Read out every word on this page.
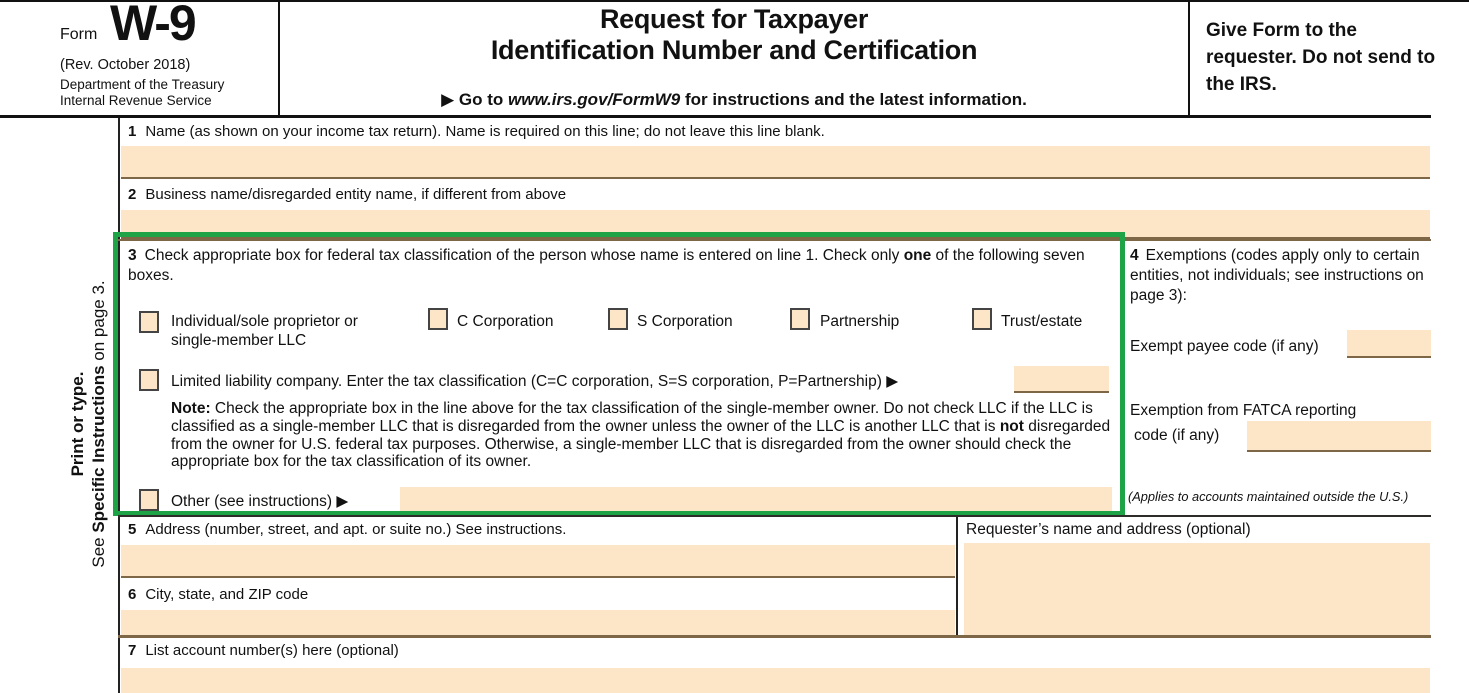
Form W-9
(Rev. October 2018)
Department of the Treasury
Internal Revenue Service
Request for Taxpayer
Identification Number and Certification
▶ Go to www.irs.gov/FormW9 for instructions and the latest information.
Give Form to the requester. Do not send to the IRS.
Print or type.
See Specific Instructions on page 3.
1 Name (as shown on your income tax return). Name is required on this line; do not leave this line blank.
2 Business name/disregarded entity name, if different from above
3 Check appropriate box for federal tax classification of the person whose name is entered on line 1. Check only one of the following seven boxes.
Individual/sole proprietor or single-member LLC
C Corporation	S Corporation	Partnership	Trust/estate
Limited liability company. Enter the tax classification (C=C corporation, S=S corporation, P=Partnership) ▶
Note: Check the appropriate box in the line above for the tax classification of the single-member owner. Do not check LLC if the LLC is classified as a single-member LLC that is disregarded from the owner unless the owner of the LLC is another LLC that is not disregarded from the owner for U.S. federal tax purposes. Otherwise, a single-member LLC that is disregarded from the owner should check the appropriate box for the tax classification of its owner.
Other (see instructions) ▶
4 Exemptions (codes apply only to certain entities, not individuals; see instructions on page 3):
Exempt payee code (if any)
Exemption from FATCA reporting
code (if any)
(Applies to accounts maintained outside the U.S.)
5 Address (number, street, and apt. or suite no.) See instructions.	Requester’s name and address (optional)
6 City, state, and ZIP code
7 List account number(s) here (optional)
